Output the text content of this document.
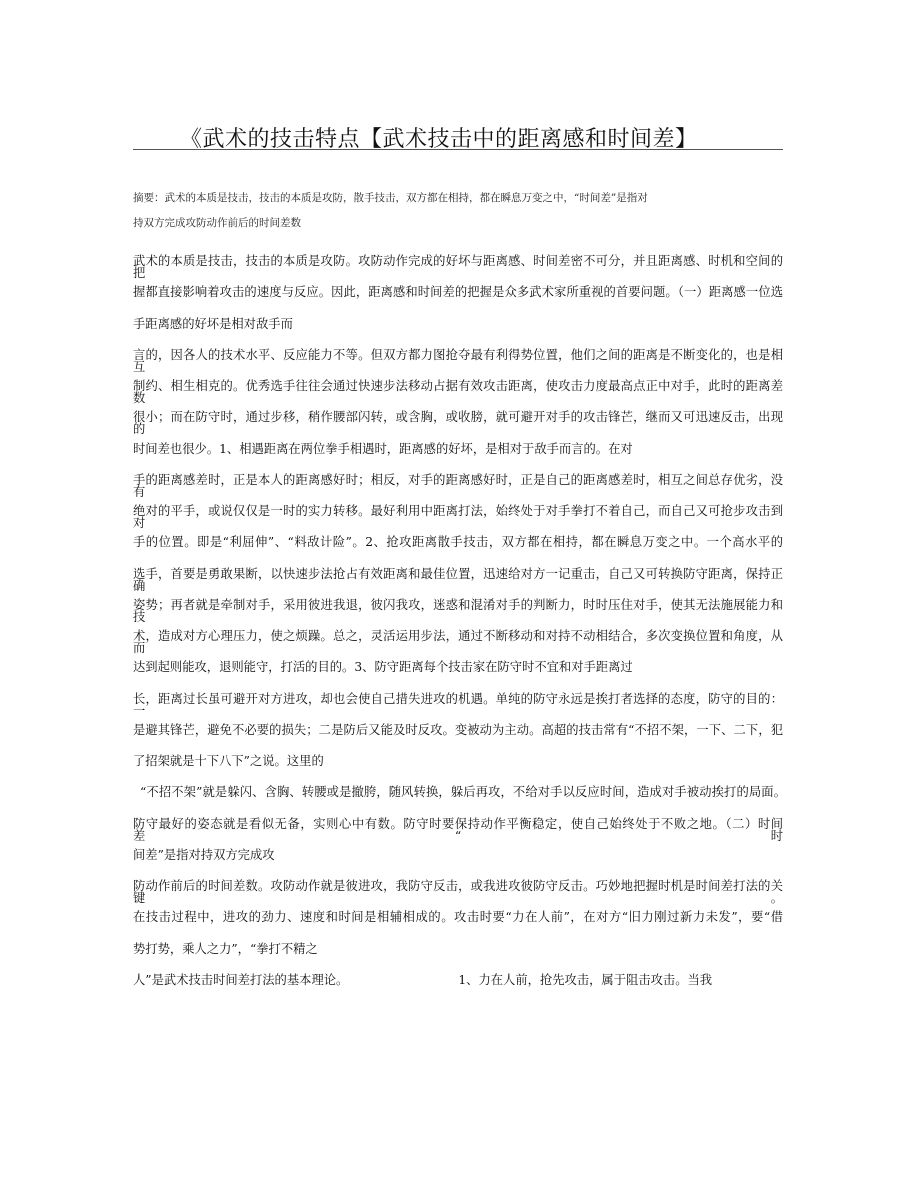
《武术的技击特点【武术技击中的距离感和时间差】
摘要：武术的本质是技击，技击的本质是攻防，散手技击，双方都在相持，都在瞬息万变之中，“时间差”是指对
持双方完成攻防动作前后的时间差数
武术的本质是技击，技击的本质是攻防。攻防动作完成的好坏与距离感、时间差密不可分，并且距离感、时机和空间的把
握都直接影响着攻击的速度与反应。因此，距离感和时间差的把握是众多武术家所重视的首要问题。（一）距离感一位选
手距离感的好坏是相对敌手而
言的，因各人的技术水平、反应能力不等。但双方都力图抢夺最有利得势位置，他们之间的距离是不断变化的，也是相互
制约、相生相克的。优秀选手往往会通过快速步法移动占据有效攻击距离，使攻击力度最高点正中对手，此时的距离差数
很小；而在防守时，通过步移，稍作腰部闪转，或含胸，或收膀，就可避开对手的攻击锋芒，继而又可迅速反击，出现的
时间差也很少。1、相遇距离在两位拳手相遇时，距离感的好坏，是相对于敌手而言的。在对
手的距离感差时，正是本人的距离感好时；相反，对手的距离感好时，正是自己的距离感差时，相互之间总存优劣，没有
绝对的平手，或说仅仅是一时的实力转移。最好利用中距离打法，始终处于对手拳打不着自己，而自己又可抢步攻击到对
手的位置。即是“利屈伸”、“料敌计险”。2、抢攻距离散手技击，双方都在相持，都在瞬息万变之中。一个高水平的
选手，首要是勇敢果断，以快速步法抢占有效距离和最佳位置，迅速给对方一记重击，自己又可转换防守距离，保持正确
姿势；再者就是牵制对手，采用彼进我退，彼闪我攻，迷惑和混淆对手的判断力，时时压住对手，使其无法施展能力和技
术，造成对方心理压力，使之烦躁。总之，灵活运用步法，通过不断移动和对持不动相结合，多次变换位置和角度，从而
达到起则能攻，退则能守，打活的目的。3、防守距离每个技击家在防守时不宜和对手距离过
长，距离过长虽可避开对方进攻，却也会使自己措失进攻的机遇。单纯的防守永远是挨打者选择的态度，防守的目的：一
是避其锋芒，避免不必要的损失；二是防后又能及时反攻。变被动为主动。高超的技击常有“不招不架，一下、二下，犯
了招架就是十下八下”之说。这里的
“不招不架”就是躲闪、含胸、转腰或是撤胯，随风转换，躲后再攻，不给对手以反应时间，造成对手被动挨打的局面。
防守最好的姿态就是看似无备，实则心中有数。防守时要保持动作平衡稳定，使自己始终处于不败之地。（二）时间差“时
间差”是指对持双方完成攻
防动作前后的时间差数。攻防动作就是彼进攻，我防守反击，或我进攻彼防守反击。巧妙地把握时机是时间差打法的关键。
在技击过程中，进攻的劲力、速度和时间是相辅相成的。攻击时要“力在人前”，在对方“旧力刚过新力未发”，要“借
势打势，乘人之力”，“拳打不精之
人”是武术技击时间差打法的基本理论。	1、力在人前，抢先攻击，属于阻击攻击。当我
